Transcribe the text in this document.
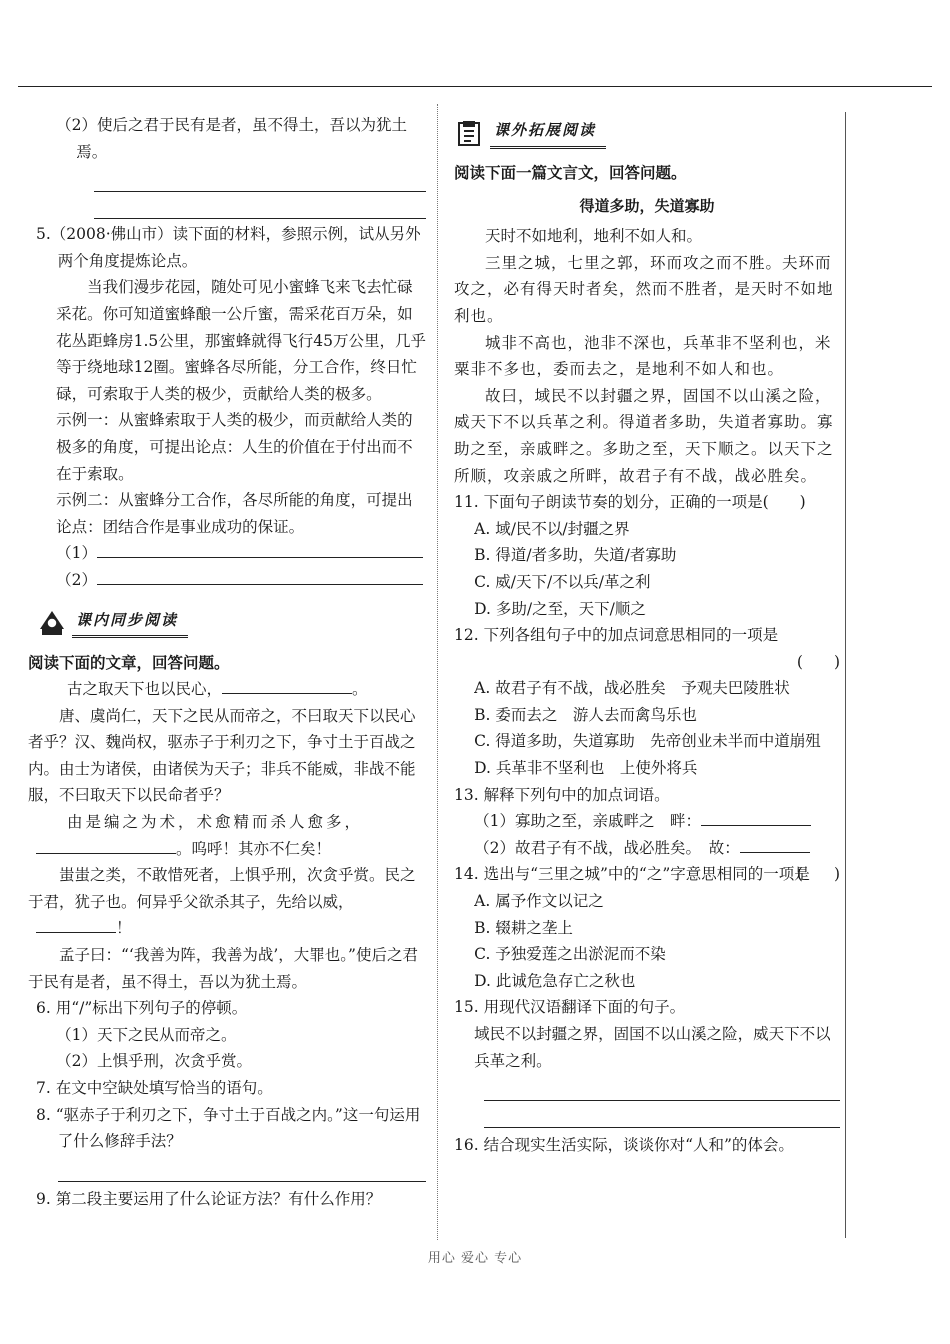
（2）使后之君于民有是者，虽不得土，吾以为犹土焉。

5.（2008·佛山市）读下面的材料，参照示例，试从另外两个角度提炼论点。

当我们漫步花园，随处可见小蜜蜂飞来飞去忙碌采花。你可知道蜜蜂酿一公斤蜜，需采花百万朵，如花丛距蜂房1.5公里，那蜜蜂就得飞行45万公里，几乎等于绕地球12圈。蜜蜂各尽所能，分工合作，终日忙碌，可索取于人类的极少，贡献给人类的极多。

示例一：从蜜蜂索取于人类的极少，而贡献给人类的极多的角度，可提出论点：人生的价值在于付出而不在于索取。

示例二：从蜜蜂分工合作，各尽所能的角度，可提出论点：团结合作是事业成功的保证。

（1）

（2）

课内同步阅读

阅读下面的文章，回答问题。

古之取天下也以民心，	。

唐、虞尚仁，天下之民从而帝之，不曰取天下以民心者乎？汉、魏尚权，驱赤子于利刃之下，争寸土于百战之内。由士为诸侯，由诸侯为天子；非兵不能威，非战不能服，不曰取天下以民命者乎？

由是编之为术，术愈精而杀人愈多，

。呜呼！其亦不仁矣！

蚩蚩之类，不敢惜死者，上惧乎刑，次贪乎赏。民之于君，犹子也。何异乎父欲杀其子，先给以威，

！

孟子曰：“‘我善为阵，我善为战’，大罪也。”使后之君于民有是者，虽不得土，吾以为犹土焉。

6. 用“/”标出下列句子的停顿。

（1）天下之民从而帝之。

（2）上惧乎刑，次贪乎赏。

7. 在文中空缺处填写恰当的语句。

8. “驱赤子于利刃之下，争寸土于百战之内。”这一句运用了什么修辞手法？

9. 第二段主要运用了什么论证方法？有什么作用？

课外拓展阅读

阅读下面一篇文言文，回答问题。

得道多助，失道寡助

天时不如地利，地利不如人和。

三里之城，七里之郭，环而攻之而不胜。夫环而攻之，必有得天时者矣，然而不胜者，是天时不如地利也。

城非不高也，池非不深也，兵革非不坚利也，米粟非不多也，委而去之，是地利不如人和也。

故曰，域民不以封疆之界，固国不以山溪之险，威天下不以兵革之利。得道者多助，失道者寡助。寡助之至，亲戚畔之。多助之至，天下顺之。以天下之所顺，攻亲戚之所畔，故君子有不战，战必胜矣。

11. 下面句子朗读节奏的划分，正确的一项是(　　)

A. 域/民不以/封疆之界

B. 得道/者多助，失道/者寡助

C. 威/天下/不以兵/革之利

D. 多助/之至，天下/顺之

12. 下列各组句子中的加点词意思相同的一项是

(　　)

A. 故君子有不战，战必胜矣　予观夫巴陵胜状

B. 委而去之　游人去而禽鸟乐也

C. 得道多助，失道寡助　先帝创业未半而中道崩殂

D. 兵革非不坚利也　上使外将兵

13. 解释下列句中的加点词语。

（1）寡助之至，亲戚畔之　畔：

（2）故君子有不战，战必胜矣。　故：

14. 选出与“三里之城”中的“之”字意思相同的一项是
(　　)

A. 属予作文以记之

B. 辍耕之垄上

C. 予独爱莲之出淤泥而不染

D. 此诚危急存亡之秋也

15. 用现代汉语翻译下面的句子。

域民不以封疆之界，固国不以山溪之险，威天下不以兵革之利。

16. 结合现实生活实际，谈谈你对“人和”的体会。

用心 爱心 专心
